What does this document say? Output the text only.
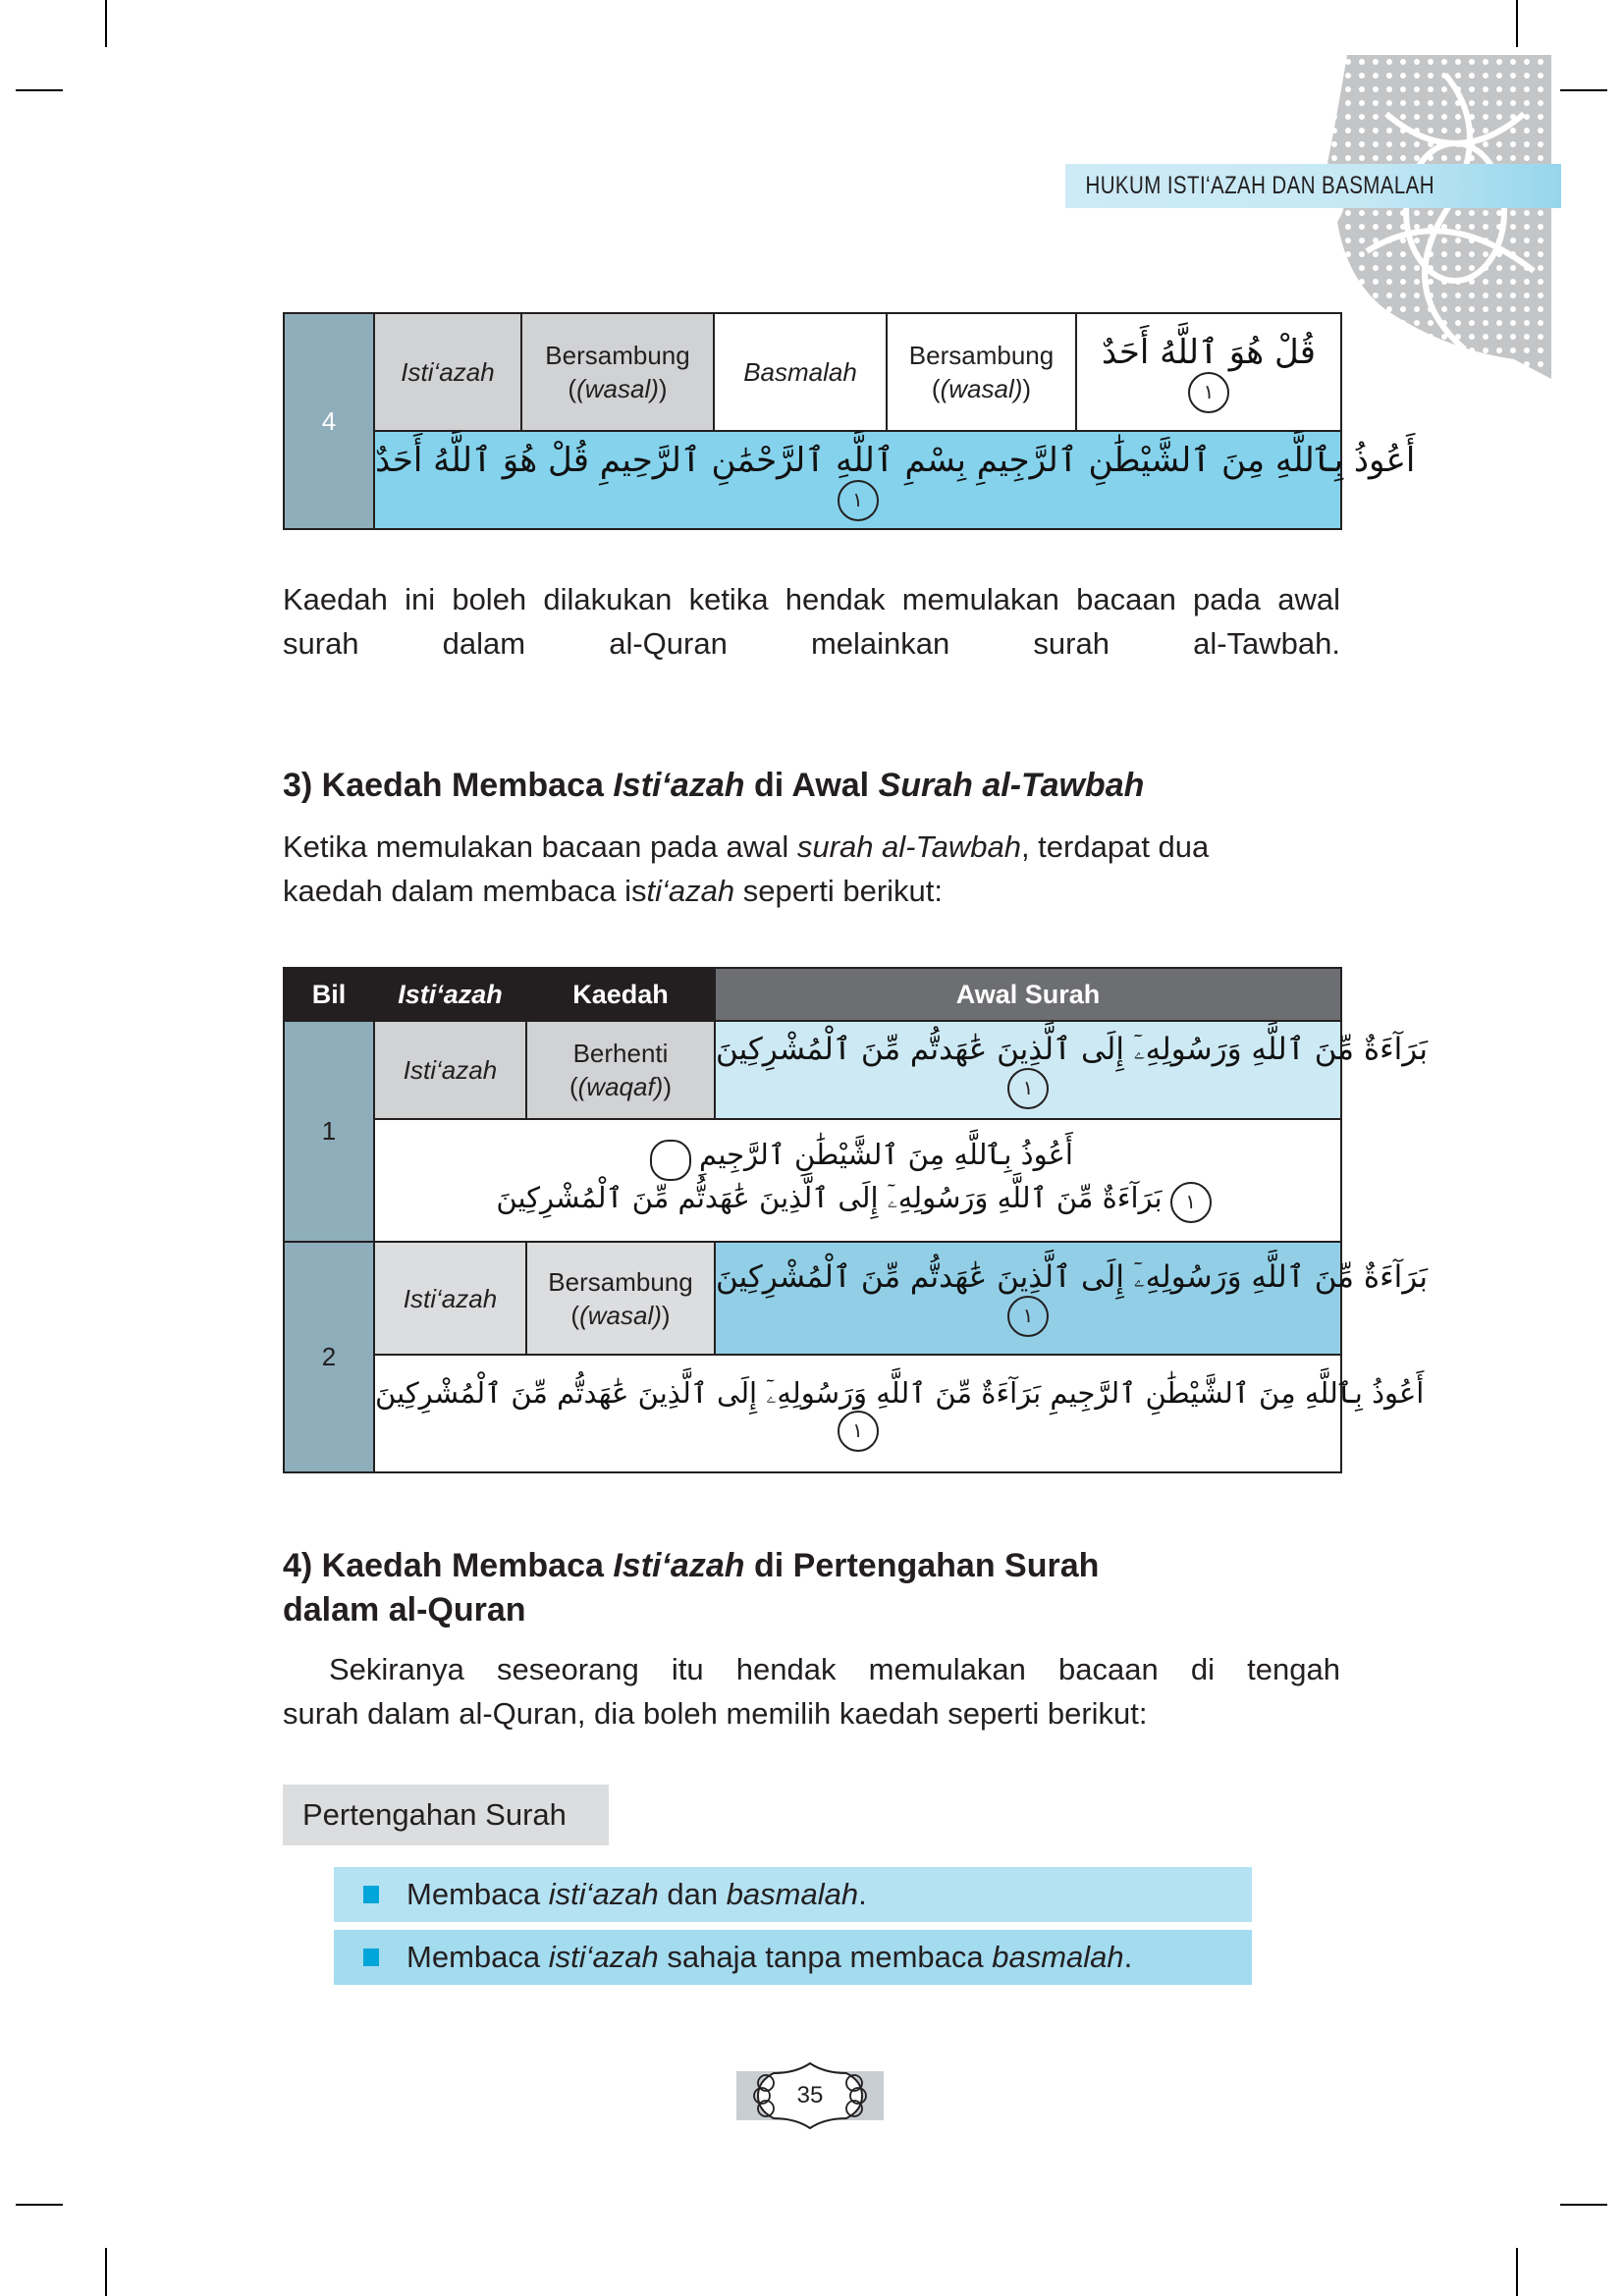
HUKUM ISTI‘AZAH DAN BASMALAH
4	Isti‘azah	
Bersambung
((wasal))
	Basmalah	
Bersambung
((wasal))
	قُلْ هُوَ ٱللَّهُ أَحَدٌ١
أَعُوذُ بِٱللَّهِ مِنَ ٱلشَّيْطَٰنِ ٱلرَّجِيمِ بِسْمِ ٱللَّهِ ٱلرَّحْمَٰنِ ٱلرَّحِيمِ قُلْ هُوَ ٱللَّهُ أَحَدٌ١
Kaedah ini boleh dilakukan ketika hendak memulakan bacaan pada awal surah dalam al-Quran melainkan surah al-Tawbah.
3) Kaedah Membaca Isti‘azah di Awal Surah al-Tawbah
Ketika memulakan bacaan pada awal surah al-Tawbah, terdapat dua kaedah dalam membaca isti‘azah seperti berikut:
Bil	Isti‘azah	Kaedah	Awal Surah
1	Isti‘azah	Berhenti
((waqaf))	بَرَآءَةٌ مِّنَ ٱللَّهِ وَرَسُولِهِۦٓ إِلَى ٱلَّذِينَ عَٰهَدتُّم مِّنَ ٱلْمُشْرِكِينَ١
	أَعُوذُ بِٱللَّهِ مِنَ ٱلشَّيْطَٰنِ ٱلرَّجِيمِبَرَآءَةٌ مِّنَ ٱللَّهِ وَرَسُولِهِۦٓ إِلَى ٱلَّذِينَ عَٰهَدتُّم مِّنَ ٱلْمُشْرِكِينَ ١		
2	Isti‘azah	Bersambung
((wasal))	بَرَآءَةٌ مِّنَ ٱللَّهِ وَرَسُولِهِۦٓ إِلَى ٱلَّذِينَ عَٰهَدتُّم مِّنَ ٱلْمُشْرِكِينَ١
	أَعُوذُ بِٱللَّهِ مِنَ ٱلشَّيْطَٰنِ ٱلرَّجِيمِ بَرَآءَةٌ مِّنَ ٱللَّهِ وَرَسُولِهِۦٓ إِلَى ٱلَّذِينَ عَٰهَدتُّم مِّنَ ٱلْمُشْرِكِينَ١		
4) Kaedah Membaca Isti‘azah di Pertengahan Surah
dalam al-Quran
Sekiranya seseorang itu hendak memulakan bacaan di tengah
surah dalam al-Quran, dia boleh memilih kaedah seperti berikut:
Pertengahan Surah
Membaca isti‘azah dan basmalah.
Membaca isti‘azah sahaja tanpa membaca basmalah.
35
